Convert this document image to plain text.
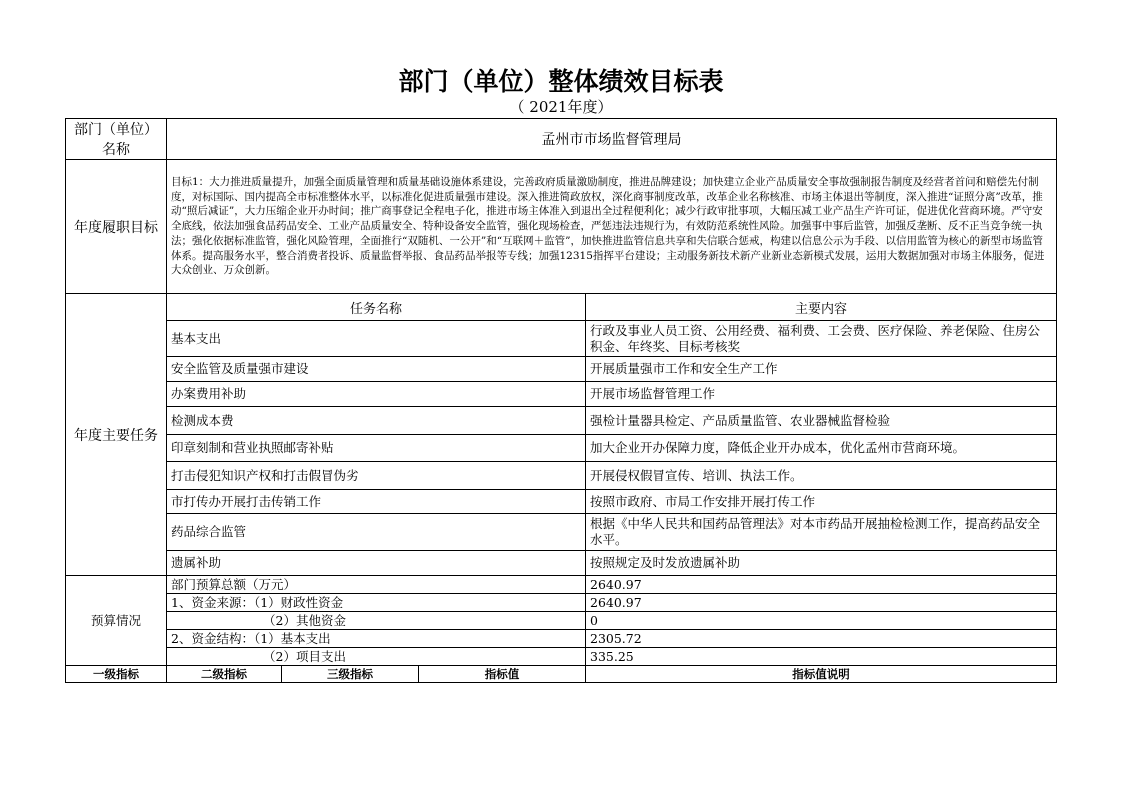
部门（单位）整体绩效目标表
（ 2021年度）
部门（单位）名称	孟州市市场监督管理局			
年度履职目标	目标1：大力推进质量提升，加强全面质量管理和质量基础设施体系建设，完善政府质量激励制度，推进品牌建设；加快建立企业产品质量安全事故强制报告制度及经营者首问和赔偿先付制度，对标国际、国内提高全市标准整体水平，以标准化促进质量强市建设。深入推进简政放权，深化商事制度改革，改革企业名称核准、市场主体退出等制度，深入推进“证照分离”改革，推动“照后减证”，大力压缩企业开办时间；推广商事登记全程电子化，推进市场主体准入到退出全过程便利化；减少行政审批事项，大幅压减工业产品生产许可证，促进优化营商环境。严守安全底线，依法加强食品药品安全、工业产品质量安全、特种设备安全监管，强化现场检查，严惩违法违规行为，有效防范系统性风险。加强事中事后监管，加强反垄断、反不正当竞争统一执法；强化依据标准监管，强化风险管理，全面推行“双随机、一公开”和“互联网＋监管”，加快推进监管信息共享和失信联合惩戒，构建以信息公示为手段、以信用监管为核心的新型市场监管体系。提高服务水平，整合消费者投诉、质量监督举报、食品药品举报等专线；加强12315指挥平台建设；主动服务新技术新产业新业态新模式发展，运用大数据加强对市场主体服务，促进大众创业、万众创新。			
年度主要任务	任务名称			主要内容
	基本支出			行政及事业人员工资、公用经费、福利费、工会费、医疗保险、养老保险、住房公积金、年终奖、目标考核奖
	安全监管及质量强市建设			开展质量强市工作和安全生产工作
	办案费用补助			开展市场监督管理工作
	检测成本费			强检计量器具检定、产品质量监管、农业器械监督检验
	印章刻制和营业执照邮寄补贴			加大企业开办保障力度，降低企业开办成本，优化孟州市营商环境。
	打击侵犯知识产权和打击假冒伪劣			开展侵权假冒宣传、培训、执法工作。
	市打传办开展打击传销工作			按照市政府、市局工作安排开展打传工作
	药品综合监管			根据《中华人民共和国药品管理法》对本市药品开展抽检检测工作，提高药品安全水平。
	遗属补助			按照规定及时发放遗属补助
预算情况	部门预算总额（万元）			2640.97
	1、资金来源：（1）财政性资金			2640.97
	（2）其他资金			0
	2、资金结构：（1）基本支出			2305.72
	（2）项目支出			335.25
一级指标	二级指标	三级指标	指标值	指标值说明
